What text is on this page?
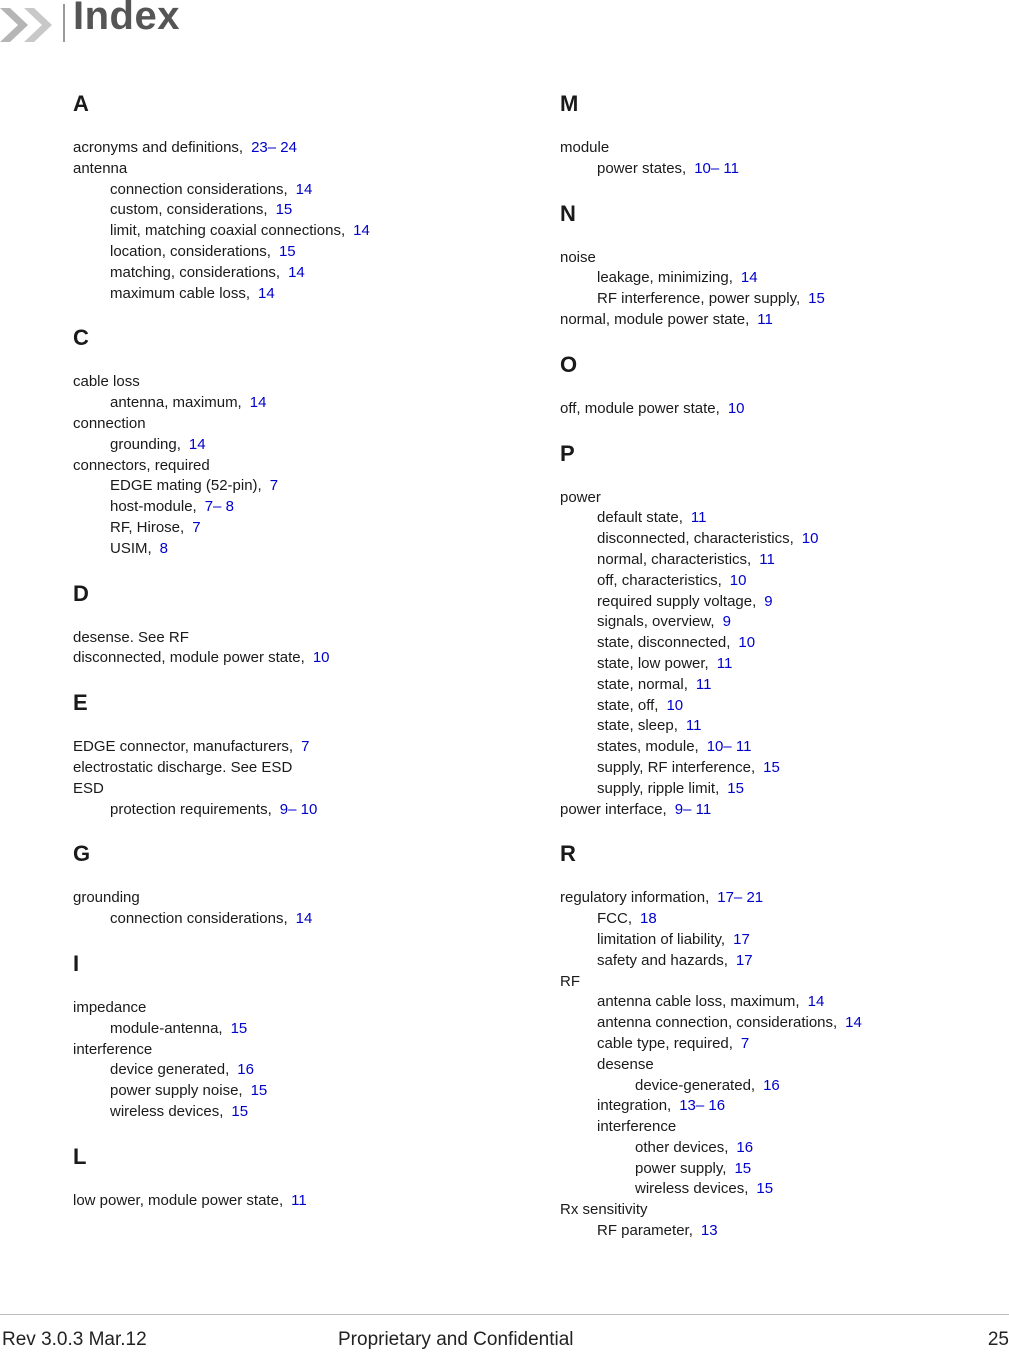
Index
A
acronyms and definitions, 23– 24
antenna
connection considerations, 14
custom, considerations, 15
limit, matching coaxial connections, 14
location, considerations, 15
matching, considerations, 14
maximum cable loss, 14
C
cable loss
antenna, maximum, 14
connection
grounding, 14
connectors, required
EDGE mating (52-pin), 7
host-module, 7– 8
RF, Hirose, 7
USIM, 8
D
desense. See RF
disconnected, module power state, 10
E
EDGE connector, manufacturers, 7
electrostatic discharge. See ESD
ESD
protection requirements, 9– 10
G
grounding
connection considerations, 14
I
impedance
module-antenna, 15
interference
device generated, 16
power supply noise, 15
wireless devices, 15
L
low power, module power state, 11
M
module
power states, 10– 11
N
noise
leakage, minimizing, 14
RF interference, power supply, 15
normal, module power state, 11
O
off, module power state, 10
P
power
default state, 11
disconnected, characteristics, 10
normal, characteristics, 11
off, characteristics, 10
required supply voltage, 9
signals, overview, 9
state, disconnected, 10
state, low power, 11
state, normal, 11
state, off, 10
state, sleep, 11
states, module, 10– 11
supply, RF interference, 15
supply, ripple limit, 15
power interface, 9– 11
R
regulatory information, 17– 21
FCC, 18
limitation of liability, 17
safety and hazards, 17
RF
antenna cable loss, maximum, 14
antenna connection, considerations, 14
cable type, required, 7
desense
device-generated, 16
integration, 13– 16
interference
other devices, 16
power supply, 15
wireless devices, 15
Rx sensitivity
RF parameter, 13
Rev 3.0.3 Mar.12	Proprietary and Confidential	25
